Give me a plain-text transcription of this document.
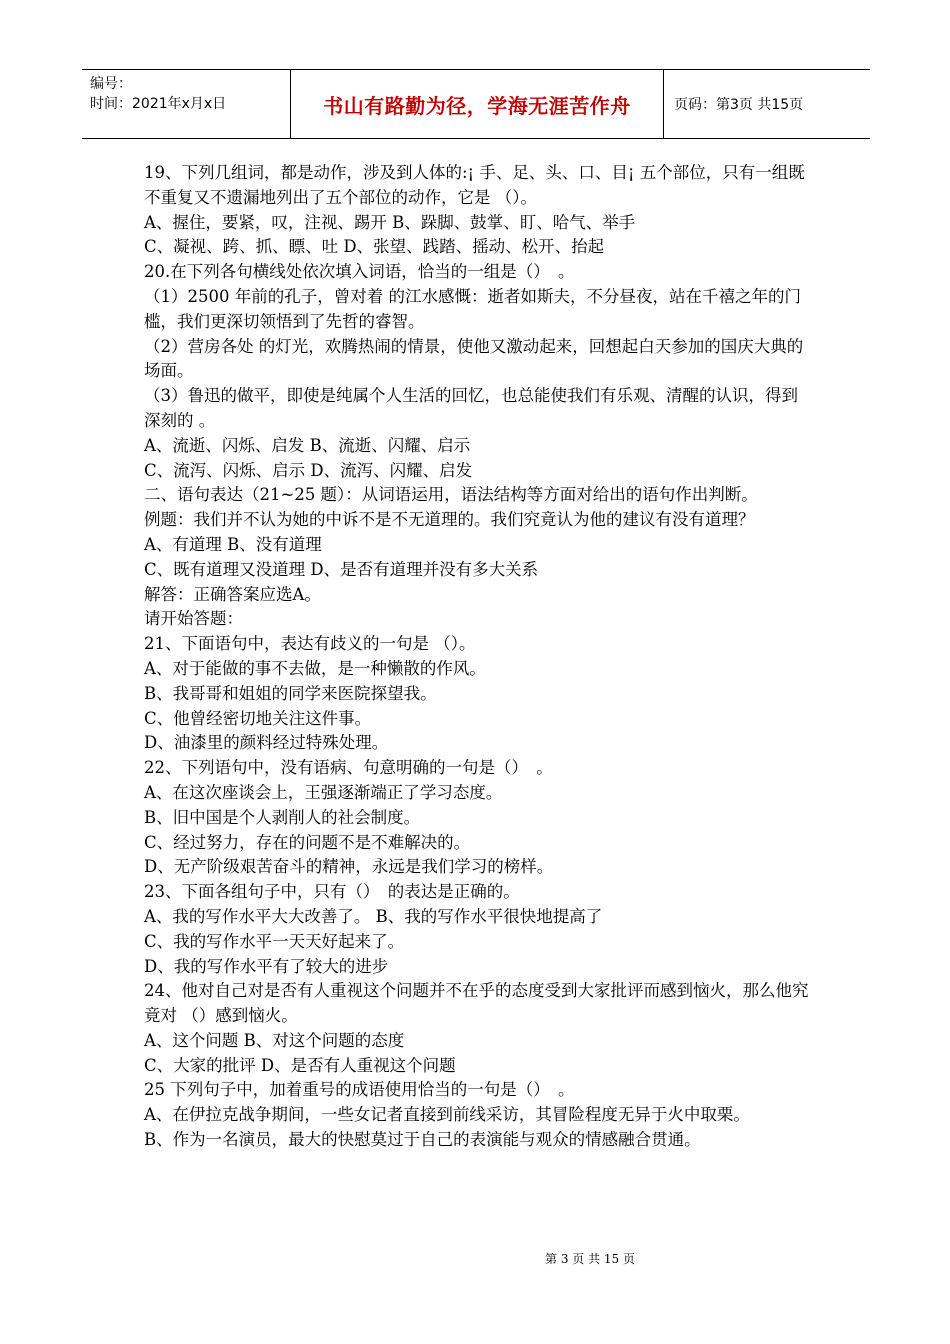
编号：
时间：2021年x月x日	书山有路勤为径，学海无涯苦作舟	页码：第3页 共15页

19、下列几组词，都是动作，涉及到人体的:¡ 手、足、头、口、目¡ 五个部位，只有一组既不重复又不遗漏地列出了五个部位的动作，它是 （）。

A、握住，要紧，叹，注视、踢开 B、跺脚、鼓掌、盯、哈气、举手

C、凝视、跨、抓、瞟、吐 D、张望、践踏、摇动、松开、抬起

20.在下列各句横线处依次填入词语，恰当的一组是（）　。

（1）2500 年前的孔子，曾对着 的江水感慨：逝者如斯夫，不分昼夜，站在千禧之年的门槛，我们更深切领悟到了先哲的睿智。

（2）营房各处 的灯光，欢腾热闹的情景，使他又激动起来，回想起白天参加的国庆大典的场面。

（3）鲁迅的做平，即使是纯属个人生活的回忆，也总能使我们有乐观、清醒的认识，得到深刻的 。

A、流逝、闪烁、启发 B、流逝、闪耀、启示

C、流泻、闪烁、启示 D、流泻、闪耀、启发

二、语句表达（21~25 题）：从词语运用，语法结构等方面对给出的语句作出判断。

例题：我们并不认为她的中诉不是不无道理的。我们究竟认为他的建议有没有道理？

A、有道理 B、没有道理

C、既有道理又没道理 D、是否有道理并没有多大关系

解答：正确答案应选A。

请开始答题：

21、下面语句中，表达有歧义的一句是 （）。

A、对于能做的事不去做，是一种懒散的作风。

B、我哥哥和姐姐的同学来医院探望我。

C、他曾经密切地关注这件事。

D、油漆里的颜料经过特殊处理。

22、下列语句中，没有语病、句意明确的一句是（）　。

A、在这次座谈会上，王强逐渐端正了学习态度。

B、旧中国是个人剥削人的社会制度。

C、经过努力，存在的问题不是不难解决的。

D、无产阶级艰苦奋斗的精神，永远是我们学习的榜样。

23、下面各组句子中，只有（）　的表达是正确的。

A、我的写作水平大大改善了。 B、我的写作水平很快地提高了

C、我的写作水平一天天好起来了。

D、我的写作水平有了较大的进步

24、他对自己对是否有人重视这个问题并不在乎的态度受到大家批评而感到恼火，那么他究竟对 （）感到恼火。

A、这个问题 B、对这个问题的态度

C、大家的批评 D、是否有人重视这个问题

25 下列句子中，加着重号的成语使用恰当的一句是（）　。

A、在伊拉克战争期间，一些女记者直接到前线采访，其冒险程度无异于火中取栗。

B、作为一名演员，最大的快慰莫过于自己的表演能与观众的情感融合贯通。

第 3 页 共 15 页
